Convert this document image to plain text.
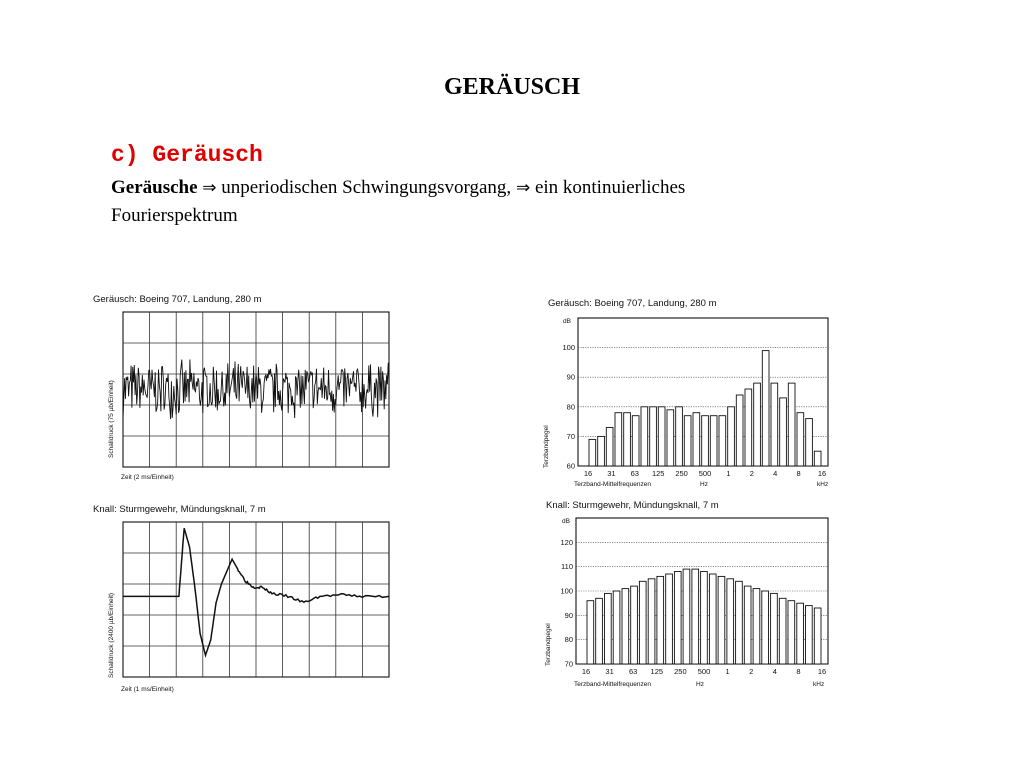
GERÄUSCH
c) Geräusch
Geräusche ⇒ unperiodischen Schwingungsvorgang, ⇒ ein kontinuierliches
Fourierspektrum
Geräusch: Boeing 707, Landung, 280 m
Schalldruck (75 µb/Einheit)
Zeit (2 ms/Einheit)
Geräusch: Boeing 707, Landung, 280 m
dB
60
70
80
90
100
16 31 63 125 250 500 1	2	4	8 16
Terzbandpegel
Terzband-Mittelfrequenzen	Hz	kHz
Knall: Sturmgewehr, Mündungsknall, 7 m
Schalldruck (2400 µb/Einheit)
Zeit (1 ms/Einheit)
Knall: Sturmgewehr, Mündungsknall, 7 m
dB
70
80
90
100
110
120
16 31 63 125 250 500 1	2	4	8 16
Terzbandpegel
Terzband-Mittelfrequenzen	Hz	kHz
